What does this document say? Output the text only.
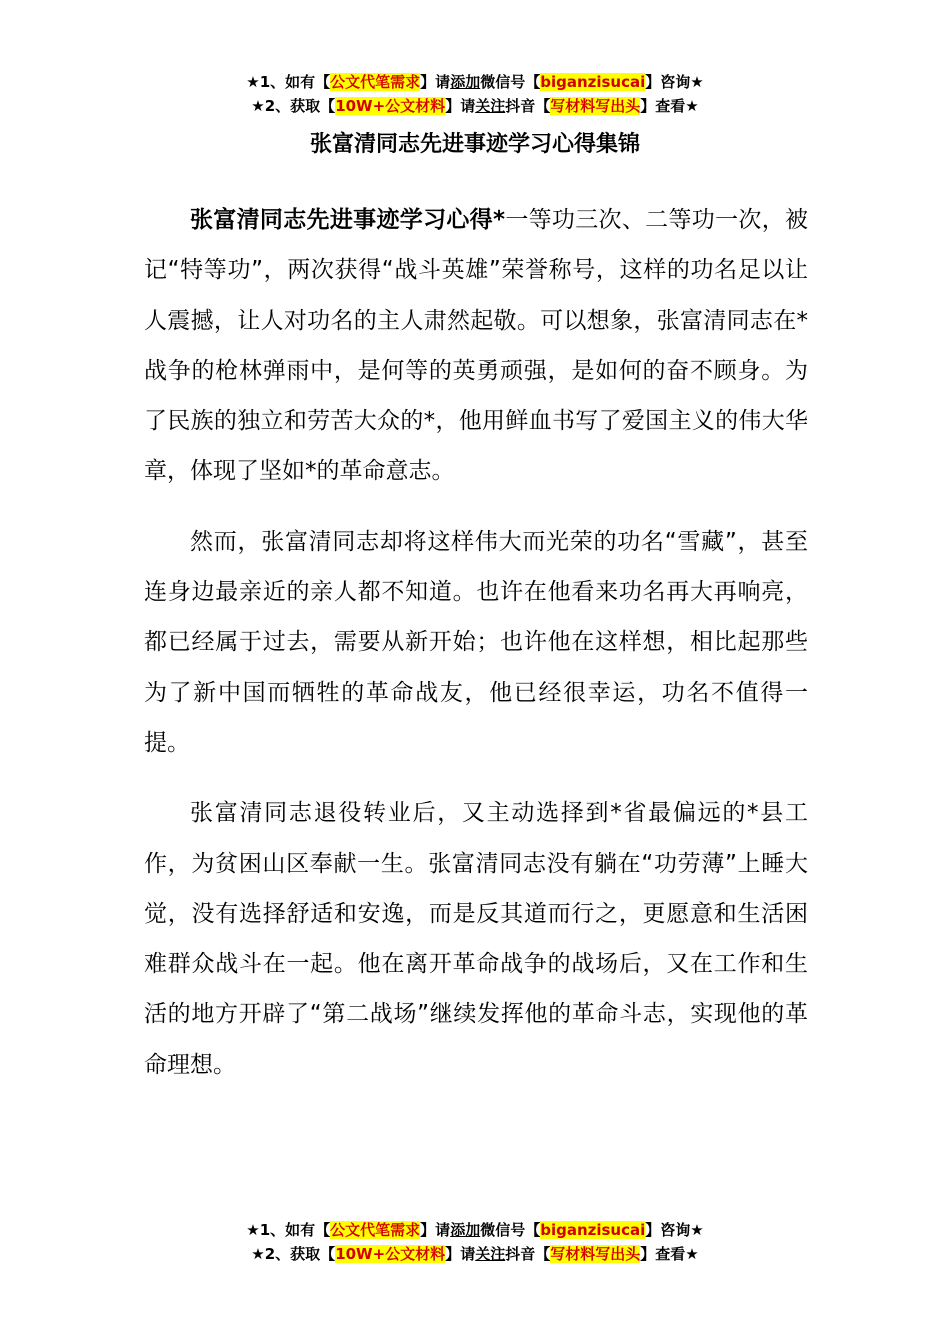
★1、如有【公文代笔需求】请添加微信号【biganzisucai】咨询★
★2、获取【10W+公文材料】请关注抖音【写材料写出头】查看★
张富清同志先进事迹学习心得集锦

张富清同志先进事迹学习心得*一等功三次、二等功一次，被记“特等功”，两次获得“战斗英雄”荣誉称号，这样的功名足以让人震撼，让人对功名的主人肃然起敬。可以想象，张富清同志在*战争的枪林弹雨中，是何等的英勇顽强，是如何的奋不顾身。为了民族的独立和劳苦大众的*，他用鲜血书写了爱国主义的伟大华章，体现了坚如*的革命意志。

然而，张富清同志却将这样伟大而光荣的功名“雪藏”，甚至连身边最亲近的亲人都不知道。也许在他看来功名再大再响亮，都已经属于过去，需要从新开始；也许他在这样想，相比起那些为了新中国而牺牲的革命战友，他已经很幸运，功名不值得一提。

张富清同志退役转业后，又主动选择到*省最偏远的*县工作，为贫困山区奉献一生。张富清同志没有躺在“功劳薄”上睡大觉，没有选择舒适和安逸，而是反其道而行之，更愿意和生活困难群众战斗在一起。他在离开革命战争的战场后，又在工作和生活的地方开辟了“第二战场”继续发挥他的革命斗志，实现他的革命理想。

★1、如有【公文代笔需求】请添加微信号【biganzisucai】咨询★
★2、获取【10W+公文材料】请关注抖音【写材料写出头】查看★
